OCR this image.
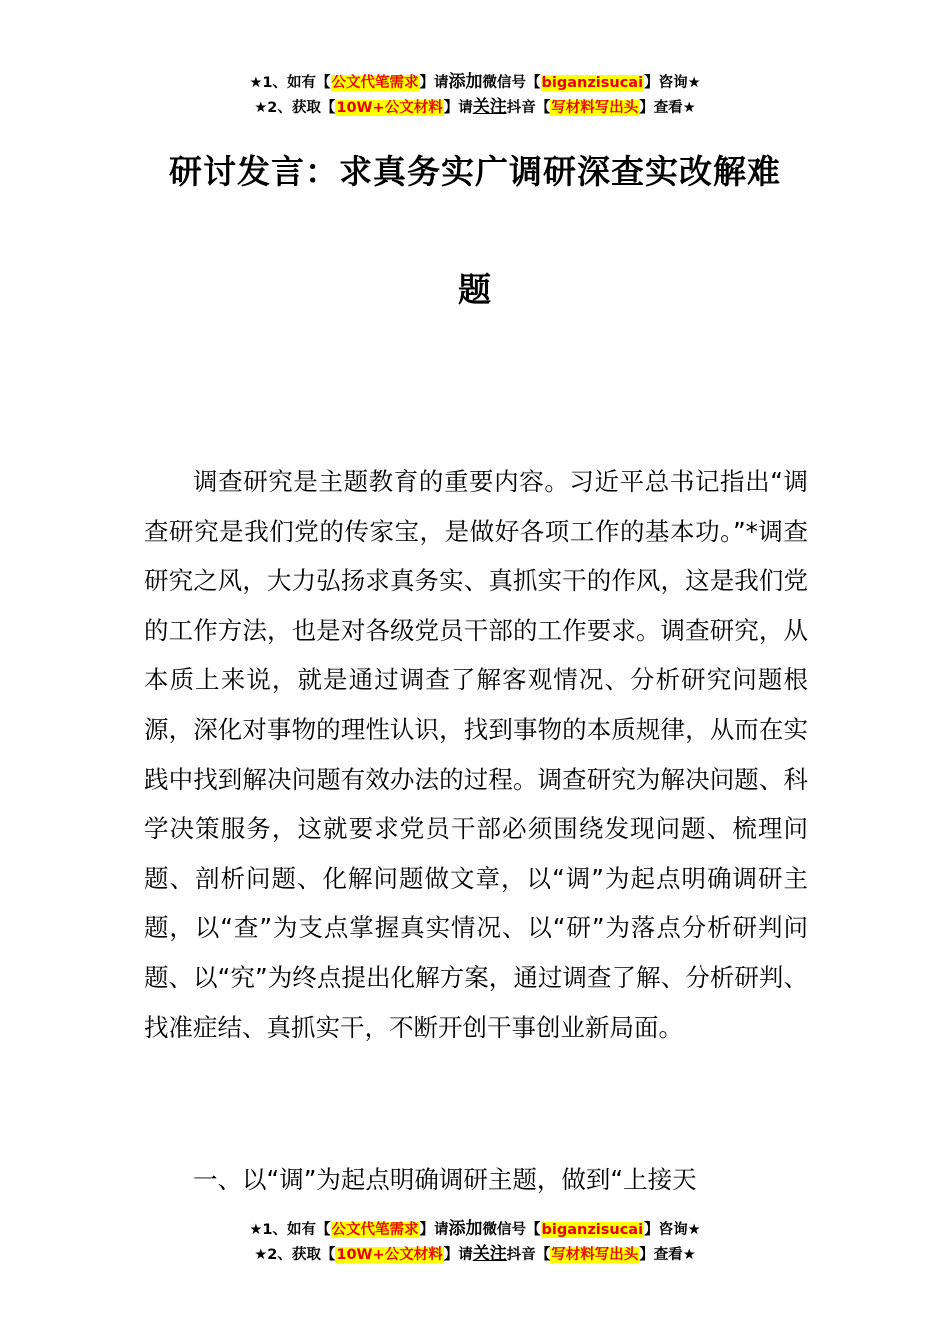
★1、如有【公文代笔需求】请添加微信号【biganzisucai】咨询★
★2、获取【10W+公文材料】请关注抖音【写材料写出头】查看★
研讨发言：求真务实广调研深查实改解难
题

调查研究是主题教育的重要内容。习近平总书记指出“调查研究是我们党的传家宝，是做好各项工作的基本功。”*调查研究之风，大力弘扬求真务实、真抓实干的作风，这是我们党的工作方法，也是对各级党员干部的工作要求。调查研究，从本质上来说，就是通过调查了解客观情况、分析研究问题根源，深化对事物的理性认识，找到事物的本质规律，从而在实践中找到解决问题有效办法的过程。调查研究为解决问题、科学决策服务，这就要求党员干部必须围绕发现问题、梳理问题、剖析问题、化解问题做文章，以“调”为起点明确调研主题，以“查”为支点掌握真实情况、以“研”为落点分析研判问题、以“究”为终点提出化解方案，通过调查了解、分析研判、找准症结、真抓实干，不断开创干事创业新局面。

一、以“调”为起点明确调研主题，做到“上接天

★1、如有【公文代笔需求】请添加微信号【biganzisucai】咨询★
★2、获取【10W+公文材料】请关注抖音【写材料写出头】查看★
